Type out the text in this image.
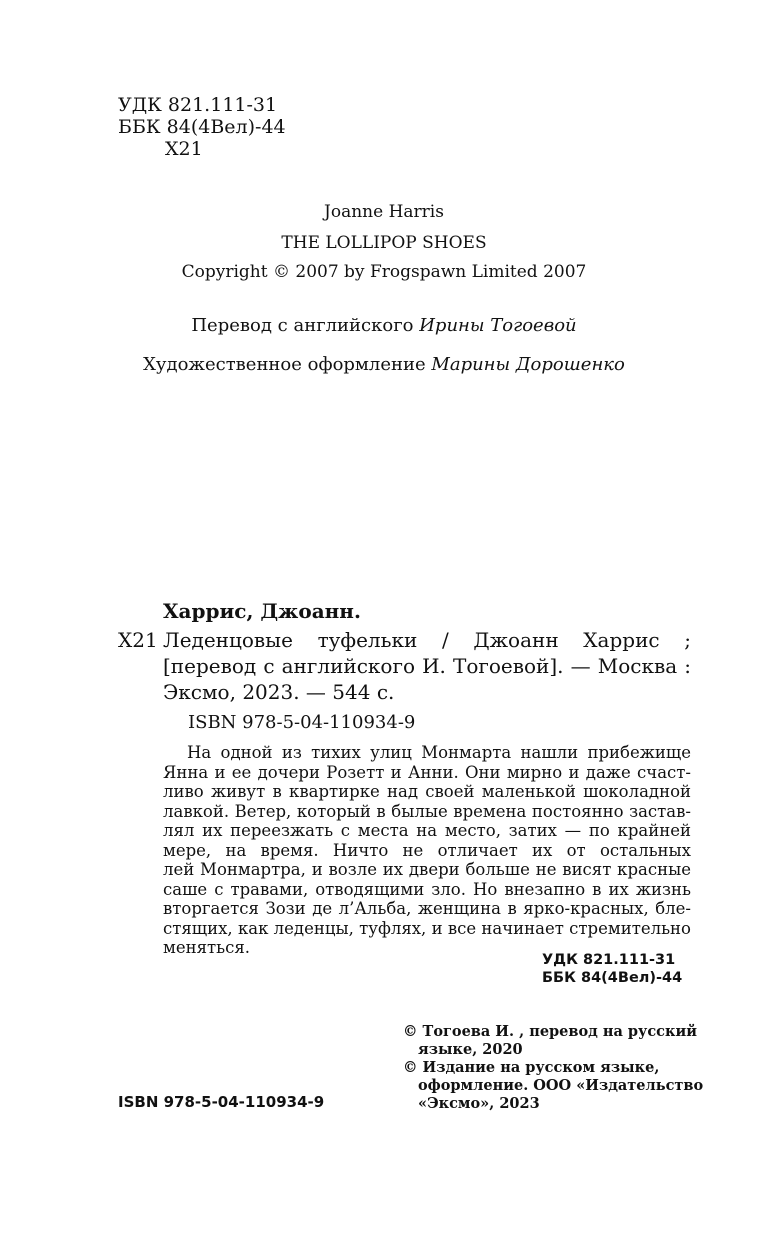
УДК 821.111-31
ББК 84(4Вел)-44
Х21
Joanne Harris
THE LOLLIPOP SHOES
Copyright © 2007 by Frogspawn Limited 2007
Перевод с английского Ирины Тогоевой
Художественное оформление Марины Дорошенко
Харрис, Джоанн.
Х21 Леденцовые туфельки / Джоанн Харрис ;
[перевод с английского И. Тогоевой]. — Москва :
Эксмо, 2023. — 544 с.
ISBN 978-5-04-110934-9
На одной из тихих улиц Монмарта нашли прибежище
Янна и ее дочери Розетт и Анни. Они мирно и даже счаст-
ливо живут в квартирке над своей маленькой шоколадной
лавкой. Ветер, который в былые времена постоянно застав-
лял их переезжать с места на место, затих — по крайней
мере, на время. Ничто не отличает их от остальных
лей Монмартра, и возле их двери больше не висят красные
саше с травами, отводящими зло. Но внезапно в их жизнь
вторгается Зози де л’Альба, женщина в ярко-красных, бле-
стящих, как леденцы, туфлях, и все начинает стремительно
меняться.
УДК 821.111-31
ББК 84(4Вел)-44
© Тогоева И. , перевод на русский
языке, 2020
© Издание на русском языке,
оформление. ООО «Издательство
«Эксмо», 2023
ISBN 978-5-04-110934-9
